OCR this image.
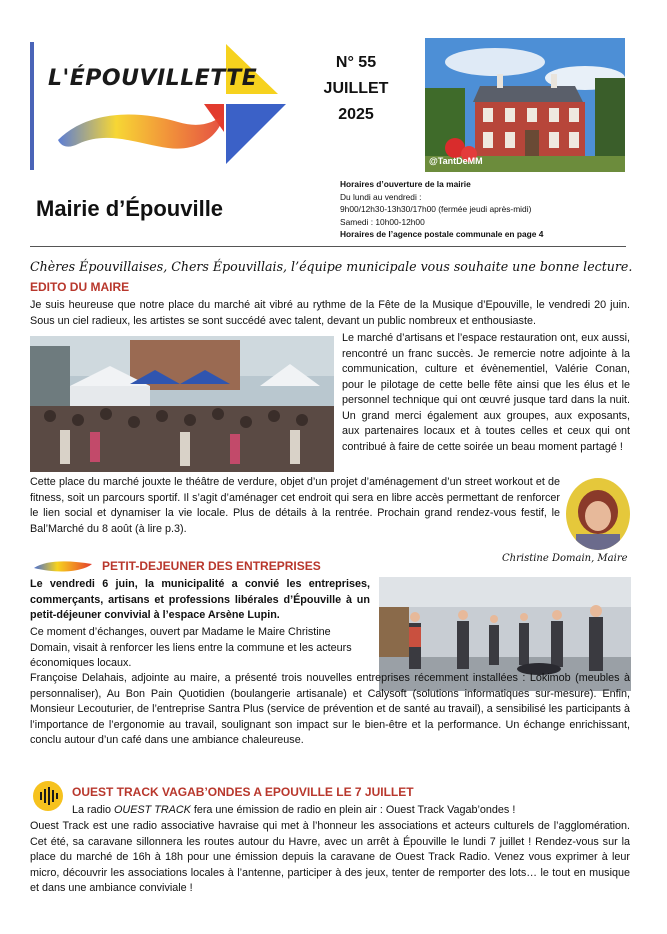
L'ÉPOUVILLETTE
N° 55
JUILLET
2025
@TantDeMM
Mairie d’Épouville
Horaires d’ouverture de la mairie
Du lundi au vendredi :
9h00/12h30-13h30/17h00 (fermée jeudi après-midi)
Samedi : 10h00-12h00
Horaires de l’agence postale communale en page 4
Chères Épouvillaises, Chers Épouvillais, l’équipe municipale vous souhaite une bonne lecture.
EDITO DU MAIRE
Je suis heureuse que notre place du marché ait vibré au rythme de la Fête de la Musique d’Epouville, le vendredi 20 juin. Sous un ciel radieux, les artistes se sont succédé avec talent, devant un public nombreux et enthousiaste.
Le marché d’artisans et l’espace restauration ont, eux aussi, rencontré un franc succès. Je remercie notre adjointe à la communication, culture et évènementiel, Valérie Conan, pour le pilotage de cette belle fête ainsi que les élus et le personnel technique qui ont œuvré jusque tard dans la nuit. Un grand merci également aux groupes, aux exposants, aux partenaires locaux et à toutes celles et ceux qui ont contribué à faire de cette soirée un beau moment partagé !
Cette place du marché jouxte le théâtre de verdure, objet d’un projet d’aménagement d’un street workout et de fitness, soit un parcours sportif. Il s’agit d’aménager cet endroit qui sera en libre accès permettant de renforcer le lien social et dynamiser la vie locale. Plus de détails à la rentrée. Prochain grand rendez-vous festif, le Bal’Marché du 8 août (à lire p.3).
Christine Domain, Maire
PETIT-DEJEUNER DES ENTREPRISES
Le vendredi 6 juin, la municipalité a convié les entreprises, commerçants, artisans et professions libérales d’Épouville à un petit-déjeuner convivial à l’espace Arsène Lupin.
Ce moment d’échanges, ouvert par Madame le Maire Christine Domain, visait à renforcer les liens entre la commune et les acteurs économiques locaux.
Françoise Delahais, adjointe au maire, a présenté trois nouvelles entreprises récemment installées : Lokimob (meubles à personnaliser), Au Bon Pain Quotidien (boulangerie artisanale) et Calysoft (solutions informatiques sur-mesure). Enfin, Monsieur Lecouturier, de l’entreprise Santra Plus (service de prévention et de santé au travail), a sensibilisé les participants à l’importance de l’ergonomie au travail, soulignant son impact sur le bien-être et la performance. Un échange enrichissant, conclu autour d’un café dans une ambiance chaleureuse.
OUEST TRACK VAGAB’ONDES A EPOUVILLE LE 7 JUILLET
La radio OUEST TRACK fera une émission de radio en plein air : Ouest Track Vagab’ondes !
Ouest Track est une radio associative havraise qui met à l’honneur les associations et acteurs culturels de l’agglomération. Cet été, sa caravane sillonnera les routes autour du Havre, avec un arrêt à Épouville le lundi 7 juillet ! Rendez-vous sur la place du marché de 16h à 18h pour une émission depuis la caravane de Ouest Track Radio. Venez vous exprimer à leur micro, découvrir les associations locales à l’antenne, participer à des jeux, tenter de remporter des lots… le tout en musique et dans une ambiance conviviale !
